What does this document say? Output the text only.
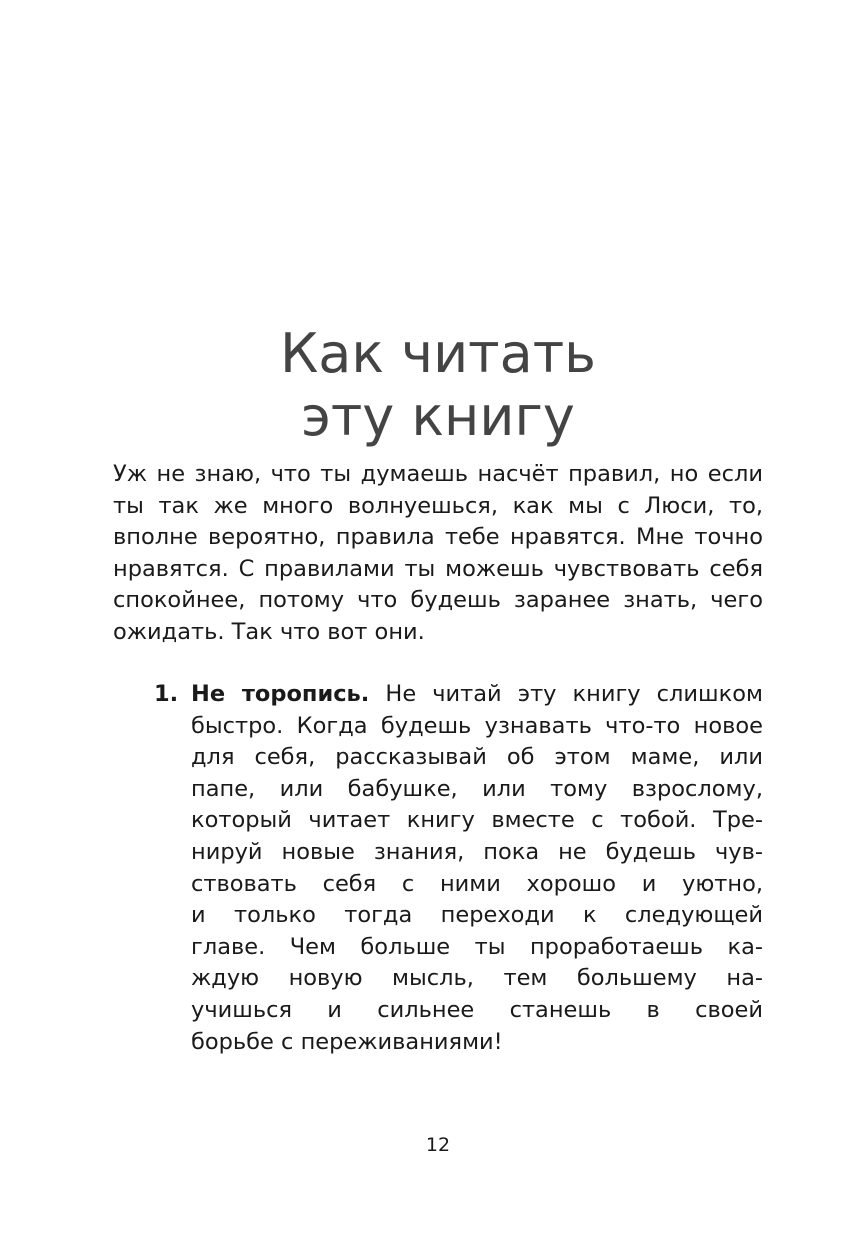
Как читать
эту книгу

Уж не знаю, что ты думаешь насчёт правил, но если
ты так же много волнуешься, как мы с Люси, то,
вполне вероятно, правила тебе нравятся. Мне точно
нравятся. С правилами ты можешь чувствовать себя
спокойнее, потому что будешь заранее знать, чего
ожидать. Так что вот они.

1. Не торопись. Не читай эту книгу слишком
быстро. Когда будешь узнавать что-то новое
для себя, рассказывай об этом маме, или
папе, или бабушке, или тому взрослому,
который читает книгу вместе с тобой. Тре-
нируй новые знания, пока не будешь чув-
ствовать себя с ними хорошо и уютно,
и только тогда переходи к следующей
главе. Чем больше ты проработаешь ка-
ждую новую мысль, тем большему на-
учишься и сильнее станешь в своей
борьбе с переживаниями!
12
